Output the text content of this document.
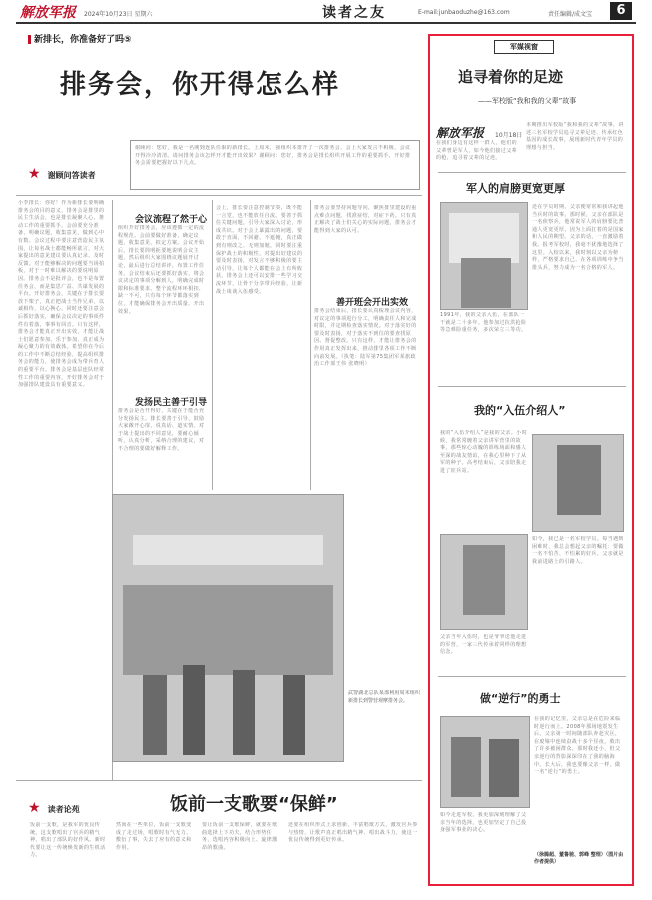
解放军报 2024年10月23日 星期六	读者之友	E-mail:junbaoduzhe@163.com	责任编辑/成文宝	6
新排长，你准备好了吗⑤
排务会，你开得怎么样
谢顾问：您好，我是一名刚到连队任职的新排长。上周末，我组织本排开了一次排务会，会上大家发言不积极，会议开得冷冷清清。请问排务会该怎样开才能开出效果？谢顾问：您好，排务会是排长组织开展工作的重要抓手，开好排务会需要把握好以下几点。
★ 谢顾问答读者
小李排长：你好！作为新排长要明确排务会的目的意义，排务会是排里的民主生活会，也是排长凝聚人心、推动工作的重要抓手。会前要充分准备，明确议题，收集意见，做到心中有数。会议过程中要注意营造民主氛围，让每名战士都能畅所欲言，对大家提出的意见建议要认真记录、及时反馈。对于能够解决的问题要当场拍板，对于一时难以解决的要说明原因。排务会不是批评会，也不是布置任务会，而是集思广益、共谋发展的平台。开好排务会，关键在于排长要放下架子，真正把战士当作兄弟，以诚相待，以心换心。同时还要注意会后抓好落实，确保会议决定的事项件件有着落，事事有回音。只有这样，排务会才能真正开出实效，才能让战士们愿意参加、乐于参加，真正成为凝心聚力的有效载体。希望你在今后的工作中不断总结经验，提高组织排务会的能力，使排务会成为带兵育人的重要平台。排务会是基层连队经常性工作的重要内容，开好排务会对于加强排队建设具有重要意义。
会议流程了然于心
组织开好排务会，应该遵循一定的流程规范。会前要做好准备，确定议题，收集意见，拟定方案。会议开始后，排长要简明扼要地说明会议主题，然后组织大家围绕议题展开讨论，最后进行总结讲评，布置工作任务。会议结束后还要抓好落实，将会议决定的事项分解到人，明确完成时限和标准要求。整个流程环环相扣，缺一不可，只有每个环节都落实到位，才能确保排务会开出质量、开出效果。
发扬民主善于引导
排务会是否开得好，关键在于能否充分发扬民主。排长要善于引导，鼓励大家敞开心扉，说真话、道实情。对于战士提出的不同意见，要耐心倾听，认真分析，采纳合理的建议，对不合理的要做好解释工作。
会上，排长要注意控制节奏，既不能一言堂，也不能放任自流。要善于抓住关键问题，引导大家深入讨论，形成共识。对于会上暴露出的问题，要敢于直面，不回避、不遮掩，真正做到有则改之、无则加勉。同时要注重保护战士的积极性，对提出好建议的要及时表扬，对发言不够积极的要主动引导，让每个人都能在会上有所收获。排务会上还可以安排一些学习交流环节，让骨干分享带兵经验，让新战士谈谈入伍感受。
排务会要坚持问题导向，聚焦排里建设的重点难点问题，找准症结，对症下药。只有真正解决了战士们关心的实际问题，排务会才能得到大家的认可。
善开班会开出实效
排务会结束后，排长要认真梳理会议内容，对议定的事项进行分工，明确责任人和完成时限，并定期检查落实情况。对于落实好的要及时表扬，对于落实不到位的要查找原因、督促整改。只有这样，才能让排务会的作用真正发挥出来，推动排里各项工作不断向前发展。（执笔：陆军第75集团军某旅政治工作部王伟 张晓明）
武警湖北总队某部利用周末组织新排长到警营观摩排务会。
★ 读者论苑	饭前一支歌要“保鲜”
饭前一支歌，是我军的优良传统。这支歌唱出了官兵的精气神，唱出了部队的好作风。新时代要让这一传统焕发新的生机活力。
然而在一些单位，饭前一支歌变成了走过场，唱歌时有气无力、敷衍了事，失去了应有的意义和作用。
要让饭前一支歌保鲜，就要在歌曲选择上下功夫，结合形势任务，选唱内容积极向上、旋律激昂的歌曲。
还要在组织形式上求创新，丰富唱歌方式，激发官兵参与热情，让歌声真正唱出精气神、唱出战斗力，使这一优良传统得到更好传承。
军媒视窗
追寻着你的足迹
——军校版“我和我的父辈”故事
解放军报 10月18日
在我们身边有这样一群人，他们的父辈曾是军人，如今他们接过父辈的枪，追寻着父辈的足迹。
本期推出军校版“我和我的父辈”故事，讲述三名军校学员追寻父辈足迹、传承红色基因的成长故事，展现新时代青年学员的理想与担当。
军人的肩膀更宽更厚
还在学员时期，父亲便常常和我讲起他当兵时的故事。那时候，父亲在部队是一名侦察兵，他常说军人的肩膀要比普通人更宽更厚，因为上面扛着的是国家和人民的期望。父亲的话，一直激励着我。报考军校时，我毫不犹豫地选择了这里。入校以来，我时刻以父亲为榜样，严格要求自己，在各项训练中争当排头兵，努力成为一名合格的军人。
1991年，我的父亲入伍，在部队一干就是二十多年。他参加过抗洪抢险等急难险重任务，多次荣立三等功。
我的“入伍介绍人”
我的“入伍介绍人”是我的父亲。小时候，我常常缠着父亲讲军营里的故事，那些惊心动魄的训练场面和感人至深的战友情谊，在我心里种下了从军的种子。高考结束后，父亲陪我走进了征兵站。
如今，我已是一名军校学员。每当遇到困难时，我总会想起父亲的嘱托：要做一名不怕苦、不怕累的好兵。父亲就是我前进路上的引路人。
父亲当年入伍时，也是爷爷送他走进的军营，一家三代传承着同样的理想信念。
做“逆行”的勇士
在我的记忆里，父亲总是在危险来临时逆行而上。2008年那场地震发生后，父亲第一时间随部队奔赴灾区，在废墟中连续奋战十多个昼夜，救出了许多被困群众。那时我还小，但父亲逆行的背影深深印在了我的脑海中。长大后，我也要像父亲一样，做一名“逆行”的勇士。
如今走进军校，我更加深刻理解了父亲当年的选择，也更加坚定了自己投身强军事业的决心。
（徐腾超、董鲁驰、郭峰 整理）（图片由作者提供）
